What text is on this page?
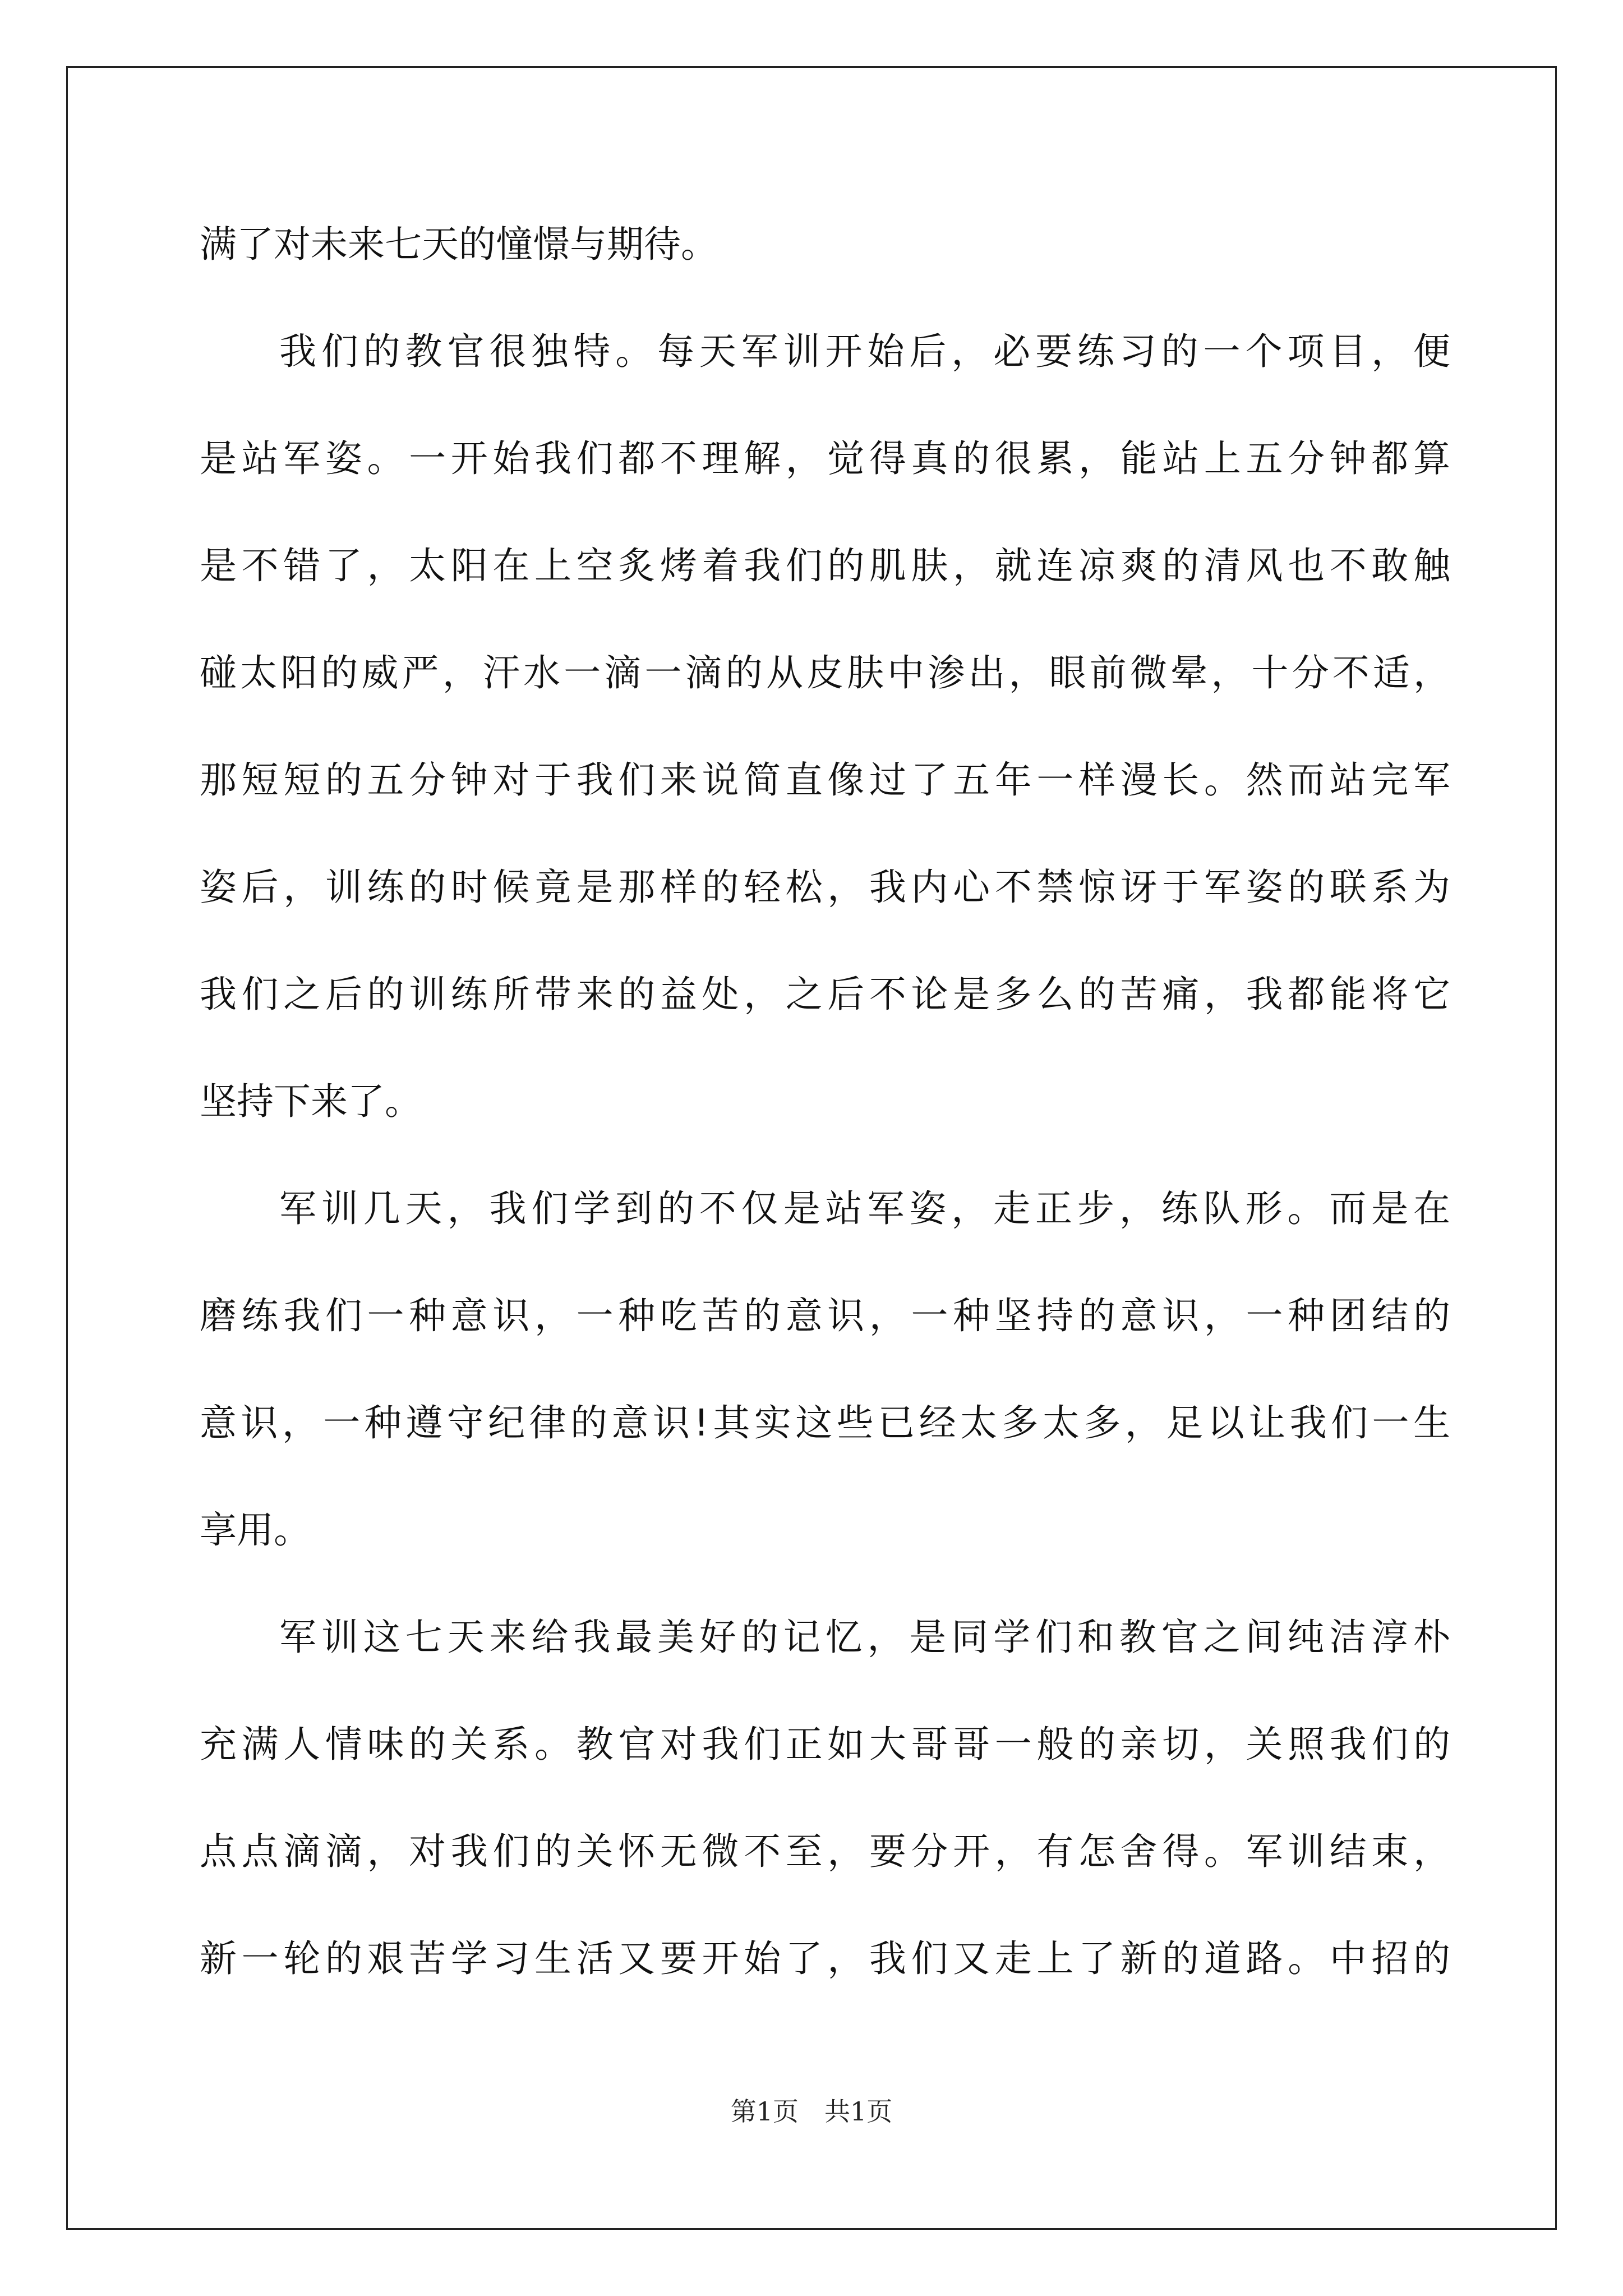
满了对未来七天的憧憬与期待。
我们的教官很独特。每天军训开始后，必要练习的一个项目，便
是站军姿。一开始我们都不理解，觉得真的很累，能站上五分钟都算
是不错了，太阳在上空炙烤着我们的肌肤，就连凉爽的清风也不敢触
碰太阳的威严，汗水一滴一滴的从皮肤中渗出，眼前微晕，十分不适，
那短短的五分钟对于我们来说简直像过了五年一样漫长。然而站完军
姿后，训练的时候竟是那样的轻松，我内心不禁惊讶于军姿的联系为
我们之后的训练所带来的益处，之后不论是多么的苦痛，我都能将它
坚持下来了。
军训几天，我们学到的不仅是站军姿，走正步，练队形。而是在
磨练我们一种意识，一种吃苦的意识，一种坚持的意识，一种团结的
意识，一种遵守纪律的意识!其实这些已经太多太多，足以让我们一生
享用。
军训这七天来给我最美好的记忆，是同学们和教官之间纯洁淳朴
充满人情味的关系。教官对我们正如大哥哥一般的亲切，关照我们的
点点滴滴，对我们的关怀无微不至，要分开，有怎舍得。军训结束，
新一轮的艰苦学习生活又要开始了，我们又走上了新的道路。中招的
第1页 共1页
